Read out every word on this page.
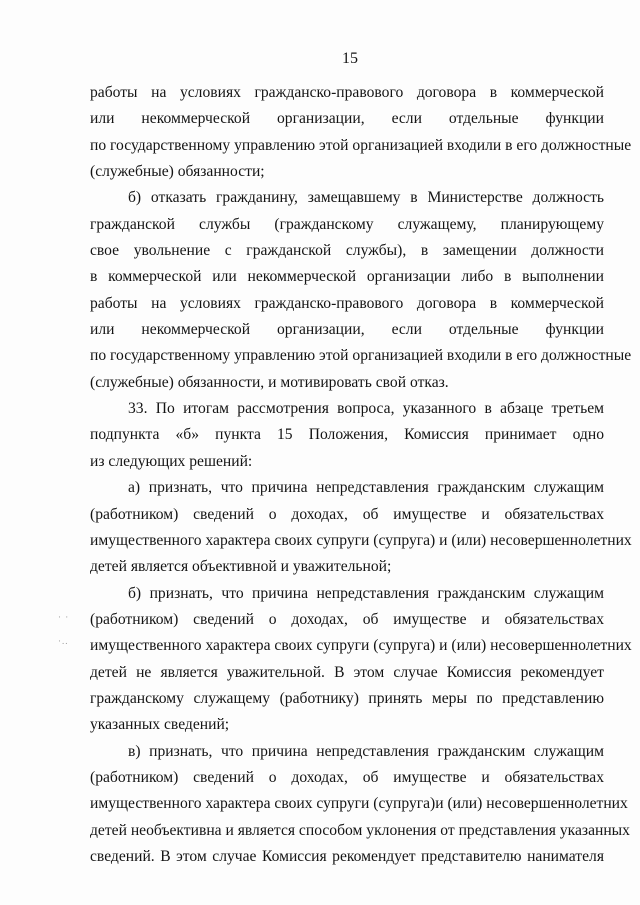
15
работы на условиях гражданско-правового договора в коммерческой
или некоммерческой организации, если отдельные функции
по государственному управлению этой организацией входили в его должностные
(служебные) обязанности;
б) отказать гражданину, замещавшему в Министерстве должность
гражданской службы (гражданскому служащему, планирующему
свое увольнение с гражданской службы), в замещении должности
в коммерческой или некоммерческой организации либо в выполнении
работы на условиях гражданско-правового договора в коммерческой
или некоммерческой организации, если отдельные функции
по государственному управлению этой организацией входили в его должностные
(служебные) обязанности, и мотивировать свой отказ.
33. По итогам рассмотрения вопроса, указанного в абзаце третьем
подпункта «б» пункта 15 Положения, Комиссия принимает одно
из следующих решений:
а) признать, что причина непредставления гражданским служащим
(работником) сведений о доходах, об имуществе и обязательствах
имущественного характера своих супруги (супруга) и (или) несовершеннолетних
детей является объективной и уважительной;
б) признать, что причина непредставления гражданским служащим
(работником) сведений о доходах, об имуществе и обязательствах
имущественного характера своих супруги (супруга) и (или) несовершеннолетних
детей не является уважительной. В этом случае Комиссия рекомендует
гражданскому служащему (работнику) принять меры по представлению
указанных сведений;
в) признать, что причина непредставления гражданским служащим
(работником) сведений о доходах, об имуществе и обязательствах
имущественного характера своих супруги (супруга)и (или) несовершеннолетних
детей необъективна и является способом уклонения от представления указанных
сведений. В этом случае Комиссия рекомендует представителю нанимателя
· ·
·..
